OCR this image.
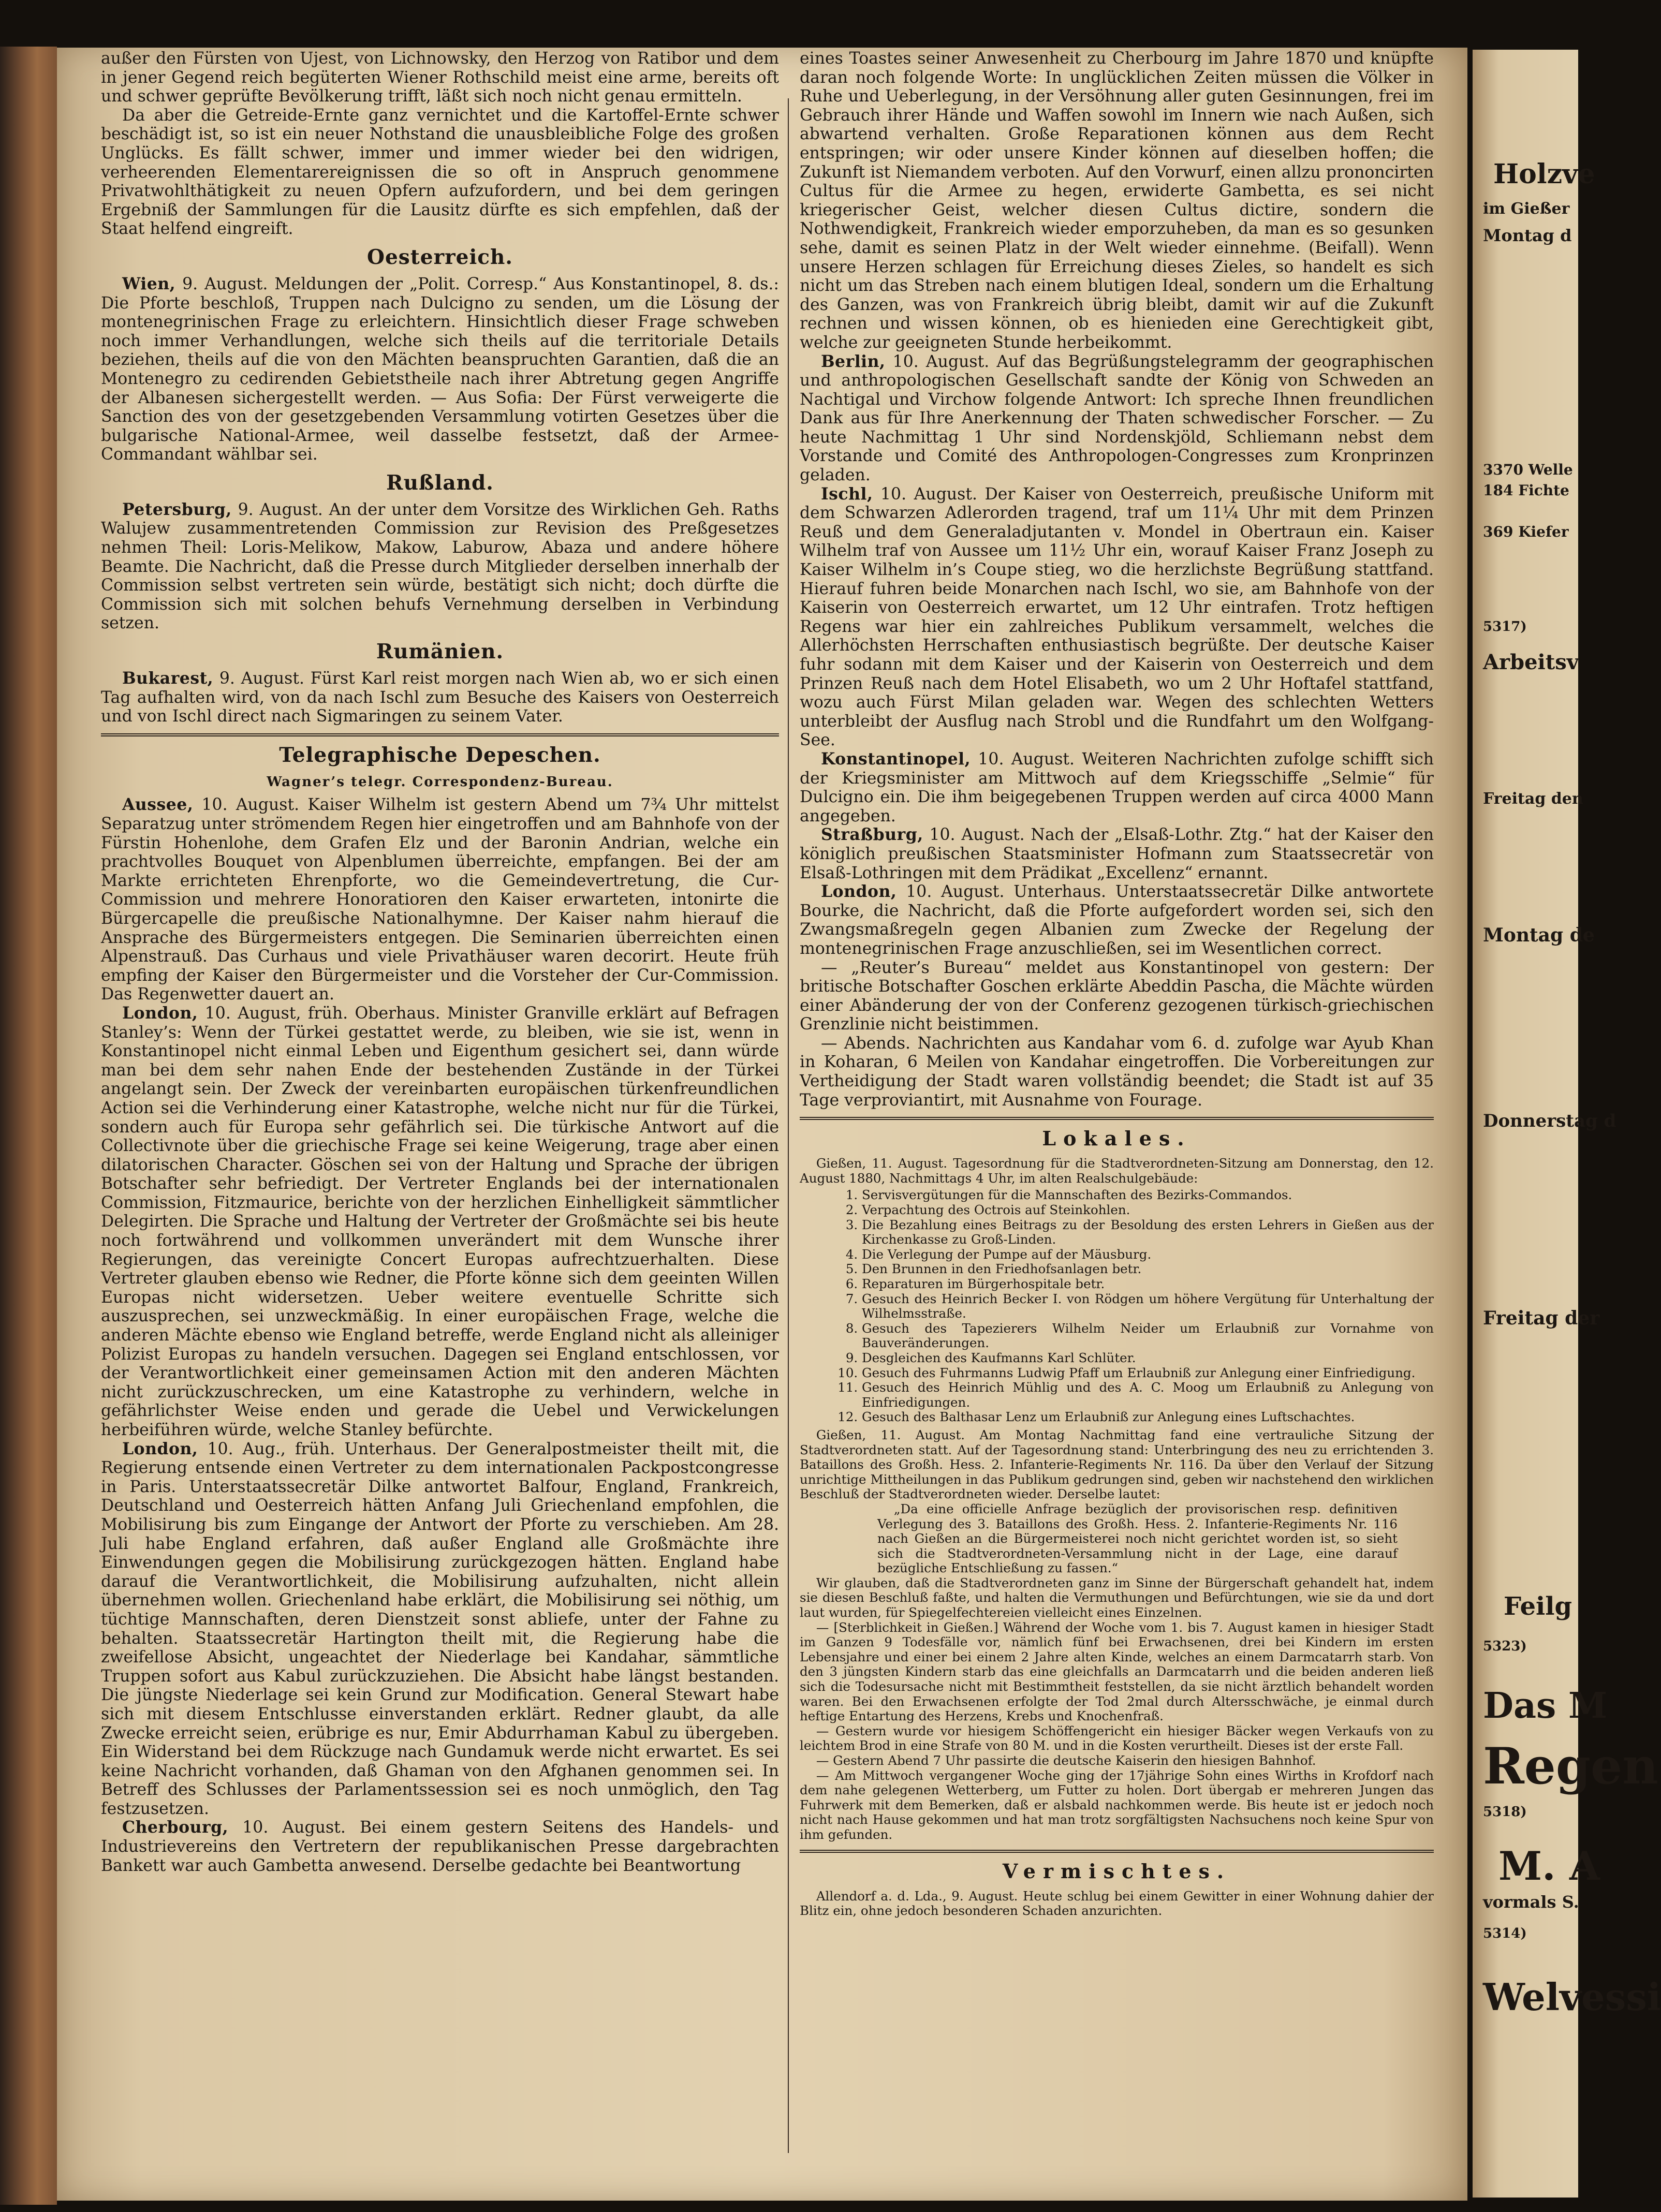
Holzve
im Gießer
Montag d
3370 Welle
184 Fichte
369 Kiefer
5317)
Arbeitsv
Freitag den
Montag de
Donnerstag d
Freitag der
Feilg
5323)
Das M
Regen
5318)
M. A
vormals S.
5314)
Welvessi

außer den Fürsten von Ujest, von Lichnowsky, den Herzog von Ratibor und dem in jener Gegend reich begüterten Wiener Rothschild meist eine arme, bereits oft und schwer geprüfte Bevölkerung trifft, läßt sich noch nicht genau ermitteln.

Da aber die Getreide-Ernte ganz vernichtet und die Kartoffel-Ernte schwer beschädigt ist, so ist ein neuer Nothstand die unausbleibliche Folge des großen Unglücks. Es fällt schwer, immer und immer wieder bei den widrigen, verheerenden Elementarereignissen die so oft in Anspruch genommene Privatwohlthätigkeit zu neuen Opfern aufzufordern, und bei dem geringen Ergebniß der Sammlungen für die Lausitz dürfte es sich empfehlen, daß der Staat helfend eingreift.

Oesterreich.

Wien, 9. August. Meldungen der „Polit. Corresp.“ Aus Konstantinopel, 8. ds.: Die Pforte beschloß, Truppen nach Dulcigno zu senden, um die Lösung der montenegrinischen Frage zu erleichtern. Hinsichtlich dieser Frage schweben noch immer Verhandlungen, welche sich theils auf die territoriale Details beziehen, theils auf die von den Mächten beanspruchten Garantien, daß die an Montenegro zu cedirenden Gebietstheile nach ihrer Abtretung gegen Angriffe der Albanesen sichergestellt werden. — Aus Sofia: Der Fürst verweigerte die Sanction des von der gesetzgebenden Versammlung votirten Gesetzes über die bulgarische National-Armee, weil dasselbe festsetzt, daß der Armee-Commandant wählbar sei.

Rußland.

Petersburg, 9. August. An der unter dem Vorsitze des Wirklichen Geh. Raths Walujew zusammentretenden Commission zur Revision des Preßgesetzes nehmen Theil: Loris-Melikow, Makow, Laburow, Abaza und andere höhere Beamte. Die Nachricht, daß die Presse durch Mitglieder derselben innerhalb der Commission selbst vertreten sein würde, bestätigt sich nicht; doch dürfte die Commission sich mit solchen behufs Vernehmung derselben in Verbindung setzen.

Rumänien.

Bukarest, 9. August. Fürst Karl reist morgen nach Wien ab, wo er sich einen Tag aufhalten wird, von da nach Ischl zum Besuche des Kaisers von Oesterreich und von Ischl direct nach Sigmaringen zu seinem Vater.

Telegraphische Depeschen.
Wagner’s telegr. Correspondenz-Bureau.

Aussee, 10. August. Kaiser Wilhelm ist gestern Abend um 7¾ Uhr mittelst Separatzug unter strömendem Regen hier eingetroffen und am Bahnhofe von der Fürstin Hohenlohe, dem Grafen Elz und der Baronin Andrian, welche ein prachtvolles Bouquet von Alpenblumen überreichte, empfangen. Bei der am Markte errichteten Ehrenpforte, wo die Gemeindevertretung, die Cur-Commission und mehrere Honoratioren den Kaiser erwarteten, intonirte die Bürgercapelle die preußische Nationalhymne. Der Kaiser nahm hierauf die Ansprache des Bürgermeisters entgegen. Die Seminarien überreichten einen Alpenstrauß. Das Curhaus und viele Privathäuser waren decorirt. Heute früh empfing der Kaiser den Bürgermeister und die Vorsteher der Cur-Commission. Das Regenwetter dauert an.

London, 10. August, früh. Oberhaus. Minister Granville erklärt auf Befragen Stanley’s: Wenn der Türkei gestattet werde, zu bleiben, wie sie ist, wenn in Konstantinopel nicht einmal Leben und Eigenthum gesichert sei, dann würde man bei dem sehr nahen Ende der bestehenden Zustände in der Türkei angelangt sein. Der Zweck der vereinbarten europäischen türkenfreundlichen Action sei die Verhinderung einer Katastrophe, welche nicht nur für die Türkei, sondern auch für Europa sehr gefährlich sei. Die türkische Antwort auf die Collectivnote über die griechische Frage sei keine Weigerung, trage aber einen dilatorischen Character. Göschen sei von der Haltung und Sprache der übrigen Botschafter sehr befriedigt. Der Vertreter Englands bei der internationalen Commission, Fitzmaurice, berichte von der herzlichen Einhelligkeit sämmtlicher Delegirten. Die Sprache und Haltung der Vertreter der Großmächte sei bis heute noch fortwährend und vollkommen unverändert mit dem Wunsche ihrer Regierungen, das vereinigte Concert Europas aufrechtzuerhalten. Diese Vertreter glauben ebenso wie Redner, die Pforte könne sich dem geeinten Willen Europas nicht widersetzen. Ueber weitere eventuelle Schritte sich auszusprechen, sei unzweckmäßig. In einer europäischen Frage, welche die anderen Mächte ebenso wie England betreffe, werde England nicht als alleiniger Polizist Europas zu handeln versuchen. Dagegen sei England entschlossen, vor der Verantwortlichkeit einer gemeinsamen Action mit den anderen Mächten nicht zurückzuschrecken, um eine Katastrophe zu verhindern, welche in gefährlichster Weise enden und gerade die Uebel und Verwickelungen herbeiführen würde, welche Stanley befürchte.

London, 10. Aug., früh. Unterhaus. Der Generalpostmeister theilt mit, die Regierung entsende einen Vertreter zu dem internationalen Packpostcongresse in Paris. Unterstaatssecretär Dilke antwortet Balfour, England, Frankreich, Deutschland und Oesterreich hätten Anfang Juli Griechenland empfohlen, die Mobilisirung bis zum Eingange der Antwort der Pforte zu verschieben. Am 28. Juli habe England erfahren, daß außer England alle Großmächte ihre Einwendungen gegen die Mobilisirung zurückgezogen hätten. England habe darauf die Verantwortlichkeit, die Mobilisirung aufzuhalten, nicht allein übernehmen wollen. Griechenland habe erklärt, die Mobilisirung sei nöthig, um tüchtige Mannschaften, deren Dienstzeit sonst abliefe, unter der Fahne zu behalten. Staatssecretär Hartington theilt mit, die Regierung habe die zweifellose Absicht, ungeachtet der Niederlage bei Kandahar, sämmtliche Truppen sofort aus Kabul zurückzuziehen. Die Absicht habe längst bestanden. Die jüngste Niederlage sei kein Grund zur Modification. General Stewart habe sich mit diesem Entschlusse einverstanden erklärt. Redner glaubt, da alle Zwecke erreicht seien, erübrige es nur, Emir Abdurrhaman Kabul zu übergeben. Ein Widerstand bei dem Rückzuge nach Gundamuk werde nicht erwartet. Es sei keine Nachricht vorhanden, daß Ghaman von den Afghanen genommen sei. In Betreff des Schlusses der Parlamentssession sei es noch unmöglich, den Tag festzusetzen.

Cherbourg, 10. August. Bei einem gestern Seitens des Handels- und Industrievereins den Vertretern der republikanischen Presse dargebrachten Bankett war auch Gambetta anwesend. Derselbe gedachte bei Beantwortung

eines Toastes seiner Anwesenheit zu Cherbourg im Jahre 1870 und knüpfte daran noch folgende Worte: In unglücklichen Zeiten müssen die Völker in Ruhe und Ueberlegung, in der Versöhnung aller guten Gesinnungen, frei im Gebrauch ihrer Hände und Waffen sowohl im Innern wie nach Außen, sich abwartend verhalten. Große Reparationen können aus dem Recht entspringen; wir oder unsere Kinder können auf dieselben hoffen; die Zukunft ist Niemandem verboten. Auf den Vorwurf, einen allzu prononcirten Cultus für die Armee zu hegen, erwiderte Gambetta, es sei nicht kriegerischer Geist, welcher diesen Cultus dictire, sondern die Nothwendigkeit, Frankreich wieder emporzuheben, da man es so gesunken sehe, damit es seinen Platz in der Welt wieder einnehme. (Beifall). Wenn unsere Herzen schlagen für Erreichung dieses Zieles, so handelt es sich nicht um das Streben nach einem blutigen Ideal, sondern um die Erhaltung des Ganzen, was von Frankreich übrig bleibt, damit wir auf die Zukunft rechnen und wissen können, ob es hienieden eine Gerechtigkeit gibt, welche zur geeigneten Stunde herbeikommt.

Berlin, 10. August. Auf das Begrüßungstelegramm der geographischen und anthropologischen Gesellschaft sandte der König von Schweden an Nachtigal und Virchow folgende Antwort: Ich spreche Ihnen freundlichen Dank aus für Ihre Anerkennung der Thaten schwedischer Forscher. — Zu heute Nachmittag 1 Uhr sind Nordenskjöld, Schliemann nebst dem Vorstande und Comité des Anthropologen-Congresses zum Kronprinzen geladen.

Ischl, 10. August. Der Kaiser von Oesterreich, preußische Uniform mit dem Schwarzen Adlerorden tragend, traf um 11¼ Uhr mit dem Prinzen Reuß und dem Generaladjutanten v. Mondel in Obertraun ein. Kaiser Wilhelm traf von Aussee um 11½ Uhr ein, worauf Kaiser Franz Joseph zu Kaiser Wilhelm in’s Coupe stieg, wo die herzlichste Begrüßung stattfand. Hierauf fuhren beide Monarchen nach Ischl, wo sie, am Bahnhofe von der Kaiserin von Oesterreich erwartet, um 12 Uhr eintrafen. Trotz heftigen Regens war hier ein zahlreiches Publikum versammelt, welches die Allerhöchsten Herrschaften enthusiastisch begrüßte. Der deutsche Kaiser fuhr sodann mit dem Kaiser und der Kaiserin von Oesterreich und dem Prinzen Reuß nach dem Hotel Elisabeth, wo um 2 Uhr Hoftafel stattfand, wozu auch Fürst Milan geladen war. Wegen des schlechten Wetters unterbleibt der Ausflug nach Strobl und die Rundfahrt um den Wolfgang-See.

Konstantinopel, 10. August. Weiteren Nachrichten zufolge schifft sich der Kriegsminister am Mittwoch auf dem Kriegsschiffe „Selmie“ für Dulcigno ein. Die ihm beigegebenen Truppen werden auf circa 4000 Mann angegeben.

Straßburg, 10. August. Nach der „Elsaß-Lothr. Ztg.“ hat der Kaiser den königlich preußischen Staatsminister Hofmann zum Staatssecretär von Elsaß-Lothringen mit dem Prädikat „Excellenz“ ernannt.

London, 10. August. Unterhaus. Unterstaatssecretär Dilke antwortete Bourke, die Nachricht, daß die Pforte aufgefordert worden sei, sich den Zwangsmaßregeln gegen Albanien zum Zwecke der Regelung der montenegrinischen Frage anzuschließen, sei im Wesentlichen correct.

— „Reuter’s Bureau“ meldet aus Konstantinopel von gestern: Der britische Botschafter Goschen erklärte Abeddin Pascha, die Mächte würden einer Abänderung der von der Conferenz gezogenen türkisch-griechischen Grenzlinie nicht beistimmen.

— Abends. Nachrichten aus Kandahar vom 6. d. zufolge war Ayub Khan in Koharan, 6 Meilen von Kandahar eingetroffen. Die Vorbereitungen zur Vertheidigung der Stadt waren vollständig beendet; die Stadt ist auf 35 Tage verproviantirt, mit Ausnahme von Fourage.

Lokales.

Gießen, 11. August. Tagesordnung für die Stadtverordneten-Sitzung am Donnerstag, den 12. August 1880, Nachmittags 4 Uhr, im alten Realschulgebäude:

1. Servisvergütungen für die Mannschaften des Bezirks-Commandos.
2. Verpachtung des Octrois auf Steinkohlen.
3. Die Bezahlung eines Beitrags zu der Besoldung des ersten Lehrers in Gießen aus der Kirchenkasse zu Groß-Linden.
4. Die Verlegung der Pumpe auf der Mäusburg.
5. Den Brunnen in den Friedhofsanlagen betr.
6. Reparaturen im Bürgerhospitale betr.
7. Gesuch des Heinrich Becker I. von Rödgen um höhere Vergütung für Unterhaltung der Wilhelmsstraße.
8. Gesuch des Tapezierers Wilhelm Neider um Erlaubniß zur Vornahme von Bauveränderungen.
9. Desgleichen des Kaufmanns Karl Schlüter.
10. Gesuch des Fuhrmanns Ludwig Pfaff um Erlaubniß zur Anlegung einer Einfriedigung.
11. Gesuch des Heinrich Mühlig und des A. C. Moog um Erlaubniß zu Anlegung von Einfriedigungen.
12. Gesuch des Balthasar Lenz um Erlaubniß zur Anlegung eines Luftschachtes.

Gießen, 11. August. Am Montag Nachmittag fand eine vertrauliche Sitzung der Stadtverordneten statt. Auf der Tagesordnung stand: Unterbringung des neu zu errichtenden 3. Bataillons des Großh. Hess. 2. Infanterie-Regiments Nr. 116. Da über den Verlauf der Sitzung unrichtige Mittheilungen in das Publikum gedrungen sind, geben wir nachstehend den wirklichen Beschluß der Stadtverordneten wieder. Derselbe lautet:

„Da eine officielle Anfrage bezüglich der provisorischen resp. definitiven Verlegung des 3. Bataillons des Großh. Hess. 2. Infanterie-Regiments Nr. 116 nach Gießen an die Bürgermeisterei noch nicht gerichtet worden ist, so sieht sich die Stadtverordneten-Versammlung nicht in der Lage, eine darauf bezügliche Entschließung zu fassen.“

Wir glauben, daß die Stadtverordneten ganz im Sinne der Bürgerschaft gehandelt hat, indem sie diesen Beschluß faßte, und halten die Vermuthungen und Befürchtungen, wie sie da und dort laut wurden, für Spiegelfechtereien vielleicht eines Einzelnen.

— [Sterblichkeit in Gießen.] Während der Woche vom 1. bis 7. August kamen in hiesiger Stadt im Ganzen 9 Todesfälle vor, nämlich fünf bei Erwachsenen, drei bei Kindern im ersten Lebensjahre und einer bei einem 2 Jahre alten Kinde, welches an einem Darmcatarrh starb. Von den 3 jüngsten Kindern starb das eine gleichfalls an Darmcatarrh und die beiden anderen ließ sich die Todesursache nicht mit Bestimmtheit feststellen, da sie nicht ärztlich behandelt worden waren. Bei den Erwachsenen erfolgte der Tod 2mal durch Altersschwäche, je einmal durch heftige Entartung des Herzens, Krebs und Knochenfraß.

— Gestern wurde vor hiesigem Schöffengericht ein hiesiger Bäcker wegen Verkaufs von zu leichtem Brod in eine Strafe von 80 M. und in die Kosten verurtheilt. Dieses ist der erste Fall.

— Gestern Abend 7 Uhr passirte die deutsche Kaiserin den hiesigen Bahnhof.

— Am Mittwoch vergangener Woche ging der 17jährige Sohn eines Wirths in Krofdorf nach dem nahe gelegenen Wetterberg, um Futter zu holen. Dort übergab er mehreren Jungen das Fuhrwerk mit dem Bemerken, daß er alsbald nachkommen werde. Bis heute ist er jedoch noch nicht nach Hause gekommen und hat man trotz sorgfältigsten Nachsuchens noch keine Spur von ihm gefunden.

Vermischtes.

Allendorf a. d. Lda., 9. August. Heute schlug bei einem Gewitter in einer Wohnung dahier der Blitz ein, ohne jedoch besonderen Schaden anzurichten.
